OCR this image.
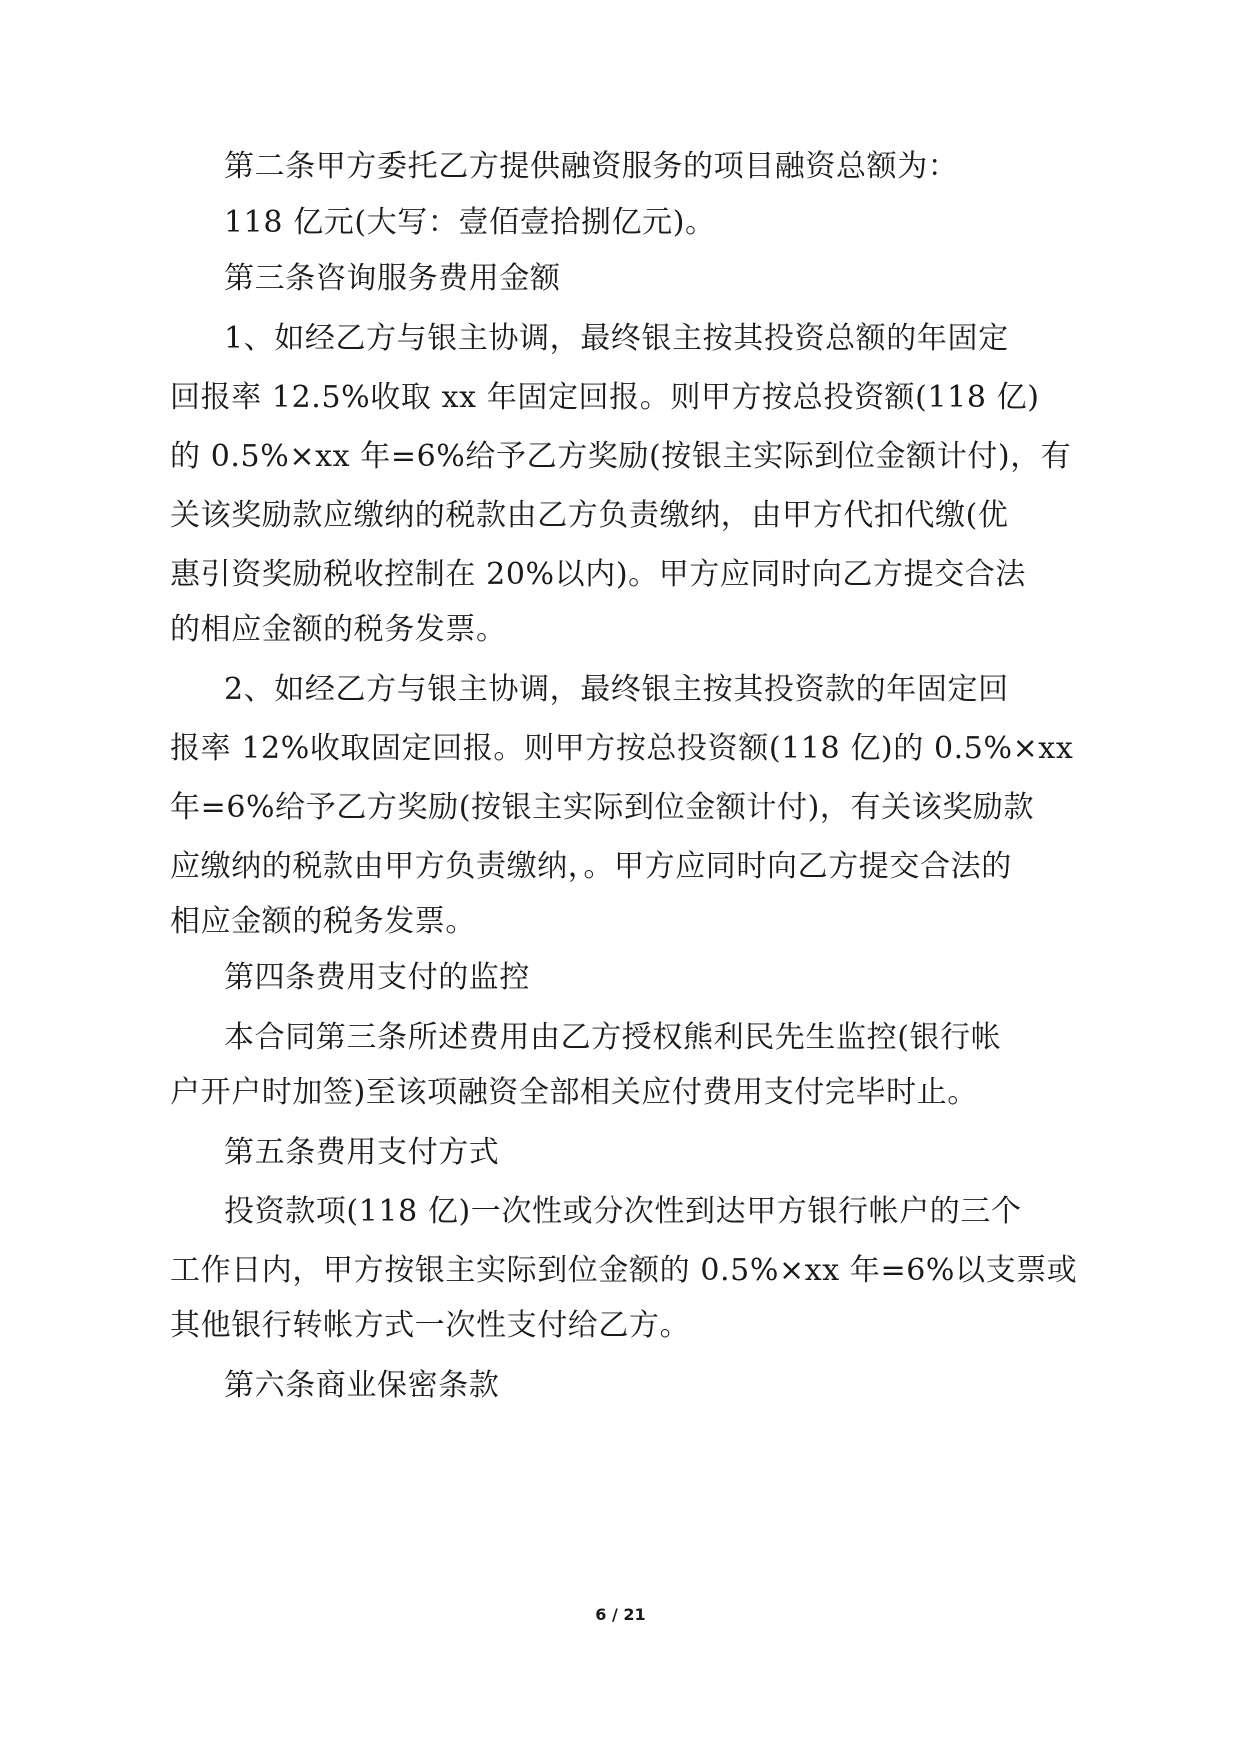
第二条甲方委托乙方提供融资服务的项目融资总额为：
118 亿元(大写：壹佰壹拾捌亿元)。
第三条咨询服务费用金额
1、如经乙方与银主协调，最终银主按其投资总额的年固定
回报率 12.5%收取 xx 年固定回报。则甲方按总投资额(118 亿)
的 0.5%×xx 年=6%给予乙方奖励(按银主实际到位金额计付)，有
关该奖励款应缴纳的税款由乙方负责缴纳，由甲方代扣代缴(优
惠引资奖励税收控制在 20%以内)。甲方应同时向乙方提交合法
的相应金额的税务发票。
2、如经乙方与银主协调，最终银主按其投资款的年固定回
报率 12%收取固定回报。则甲方按总投资额(118 亿)的 0.5%×xx
年=6%给予乙方奖励(按银主实际到位金额计付)，有关该奖励款
应缴纳的税款由甲方负责缴纳，。甲方应同时向乙方提交合法的
相应金额的税务发票。
第四条费用支付的监控
本合同第三条所述费用由乙方授权熊利民先生监控(银行帐
户开户时加签)至该项融资全部相关应付费用支付完毕时止。
第五条费用支付方式
投资款项(118 亿)一次性或分次性到达甲方银行帐户的三个
工作日内，甲方按银主实际到位金额的 0.5%×xx 年=6%以支票或
其他银行转帐方式一次性支付给乙方。
第六条商业保密条款
6 / 21
